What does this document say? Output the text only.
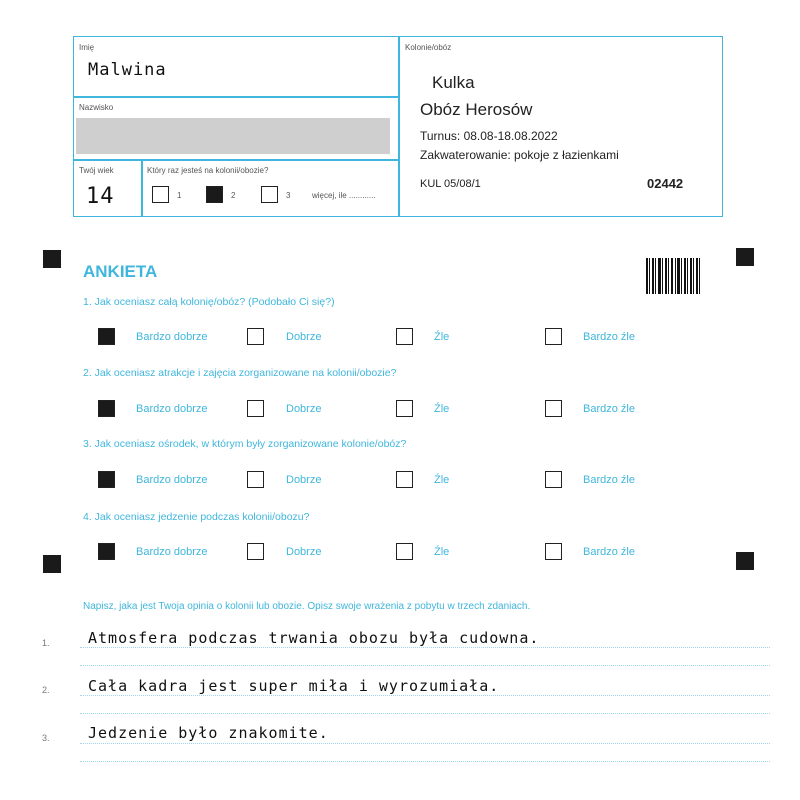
Imię
Malwina
Nazwisko
Twój wiek
14
Który raz jesteś na kolonii/obozie?
1	2	3	więcej, ile ............
Kolonie/obóz
Kulka
Obóz Herosów
Turnus: 08.08-18.08.2022
Zakwaterowanie: pokoje z łazienkami
KUL 05/08/1	02442
ANKIETA
1. Jak oceniasz całą kolonię/obóz? (Podobało Ci się?)
Bardzo dobrze	Dobrze	Źle	Bardzo źle
2. Jak oceniasz atrakcje i zajęcia zorganizowane na kolonii/obozie?
Bardzo dobrze	Dobrze	Źle	Bardzo źle
3. Jak oceniasz ośrodek, w którym były zorganizowane kolonie/obóz?
Bardzo dobrze	Dobrze	Źle	Bardzo źle
4. Jak oceniasz jedzenie podczas kolonii/obozu?
Bardzo dobrze	Dobrze	Źle	Bardzo źle
Napisz, jaka jest Twoja opinia o kolonii lub obozie. Opisz swoje wrażenia z pobytu w trzech zdaniach.
1.	Atmosfera podczas trwania obozu była cudowna.
2.	Cała kadra jest super miła i wyrozumiała.
3.	Jedzenie było znakomite.
